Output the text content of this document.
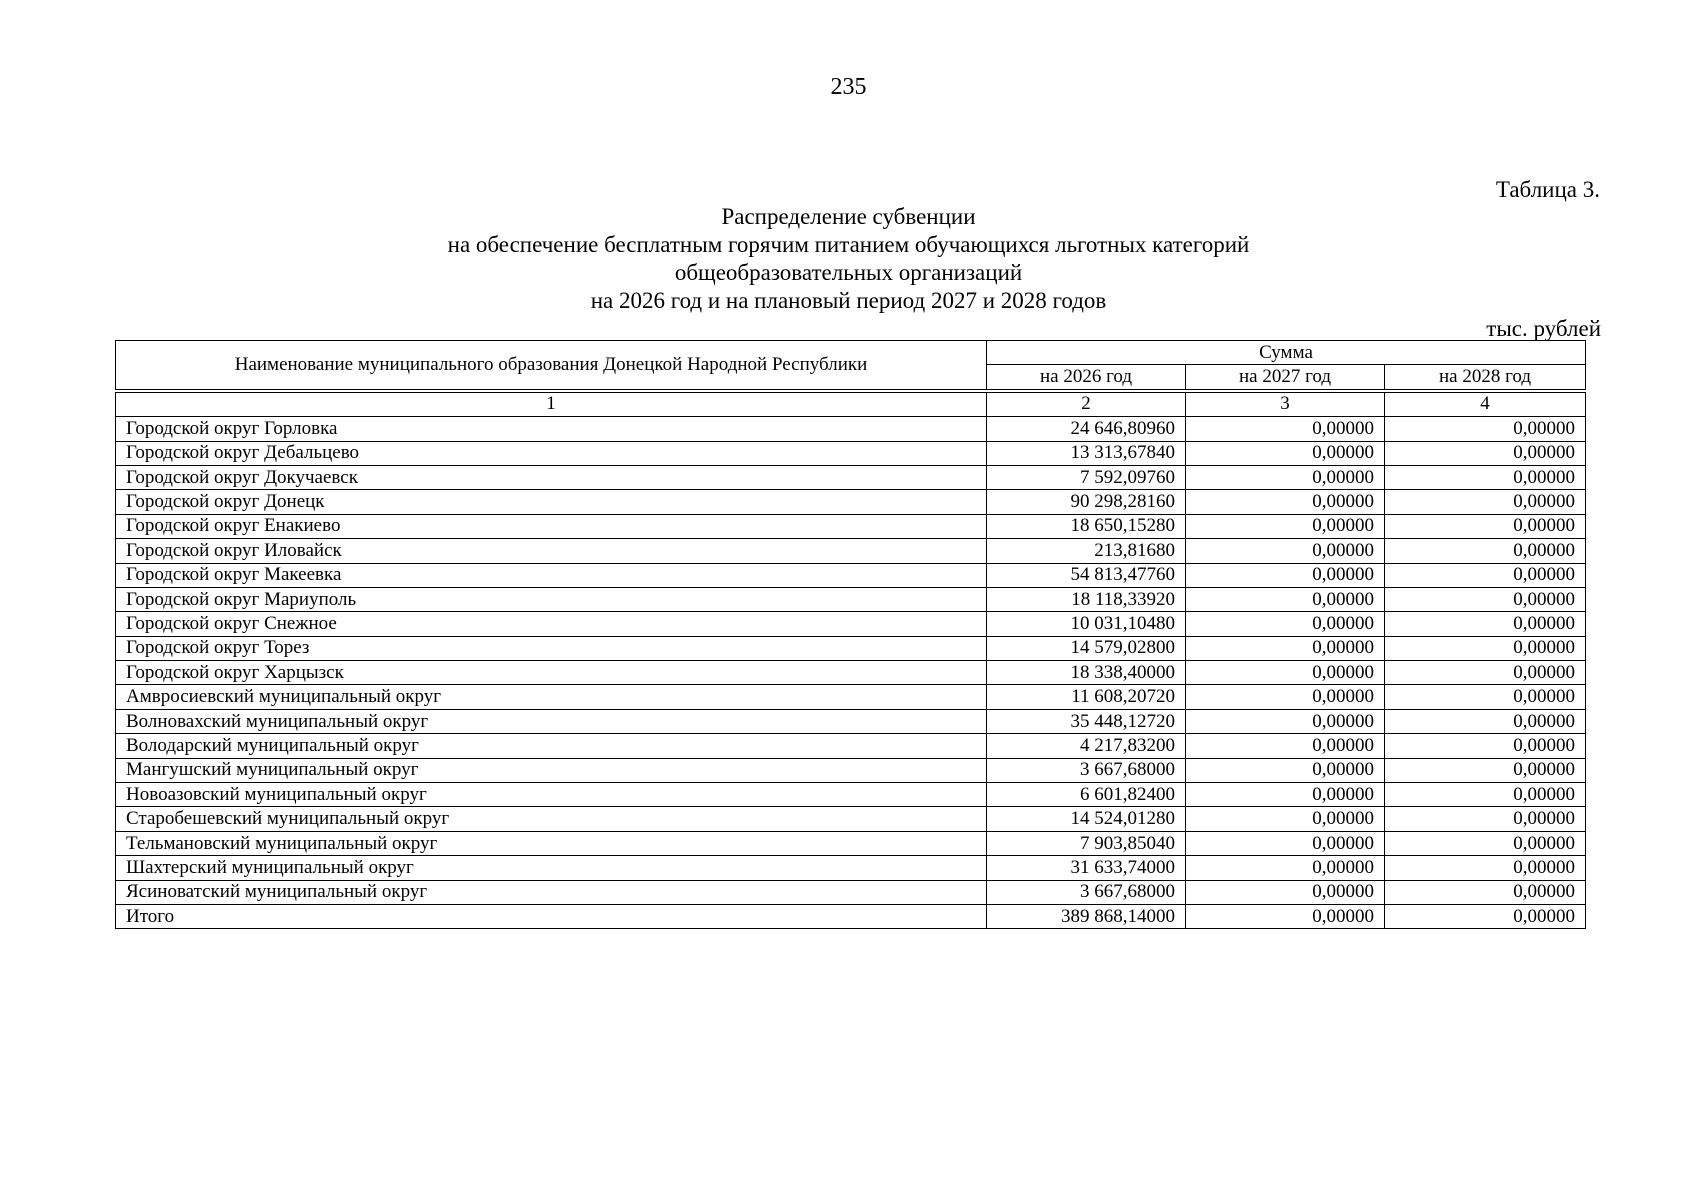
235
Таблица 3.
Распределение субвенции
на обеспечение бесплатным горячим питанием обучающихся льготных категорий
общеобразовательных организаций
на 2026 год и на плановый период 2027 и 2028 годов
тыс. рублей
Наименование муниципального образования Донецкой Народной Республики	Сумма		
	на 2026 год	на 2027 год	на 2028 год

1	2	3	4
Городской округ Горловка	24 646,80960	0,00000	0,00000
Городской округ Дебальцево	13 313,67840	0,00000	0,00000
Городской округ Докучаевск	7 592,09760	0,00000	0,00000
Городской округ Донецк	90 298,28160	0,00000	0,00000
Городской округ Енакиево	18 650,15280	0,00000	0,00000
Городской округ Иловайск	213,81680	0,00000	0,00000
Городской округ Макеевка	54 813,47760	0,00000	0,00000
Городской округ Мариуполь	18 118,33920	0,00000	0,00000
Городской округ Снежное	10 031,10480	0,00000	0,00000
Городской округ Торез	14 579,02800	0,00000	0,00000
Городской округ Харцызск	18 338,40000	0,00000	0,00000
Амвросиевский муниципальный округ	11 608,20720	0,00000	0,00000
Волновахский муниципальный округ	35 448,12720	0,00000	0,00000
Володарский муниципальный округ	4 217,83200	0,00000	0,00000
Мангушский муниципальный округ	3 667,68000	0,00000	0,00000
Новоазовский муниципальный округ	6 601,82400	0,00000	0,00000
Старобешевский муниципальный округ	14 524,01280	0,00000	0,00000
Тельмановский муниципальный округ	7 903,85040	0,00000	0,00000
Шахтерский муниципальный округ	31 633,74000	0,00000	0,00000
Ясиноватский муниципальный округ	3 667,68000	0,00000	0,00000
Итого	389 868,14000	0,00000	0,00000
